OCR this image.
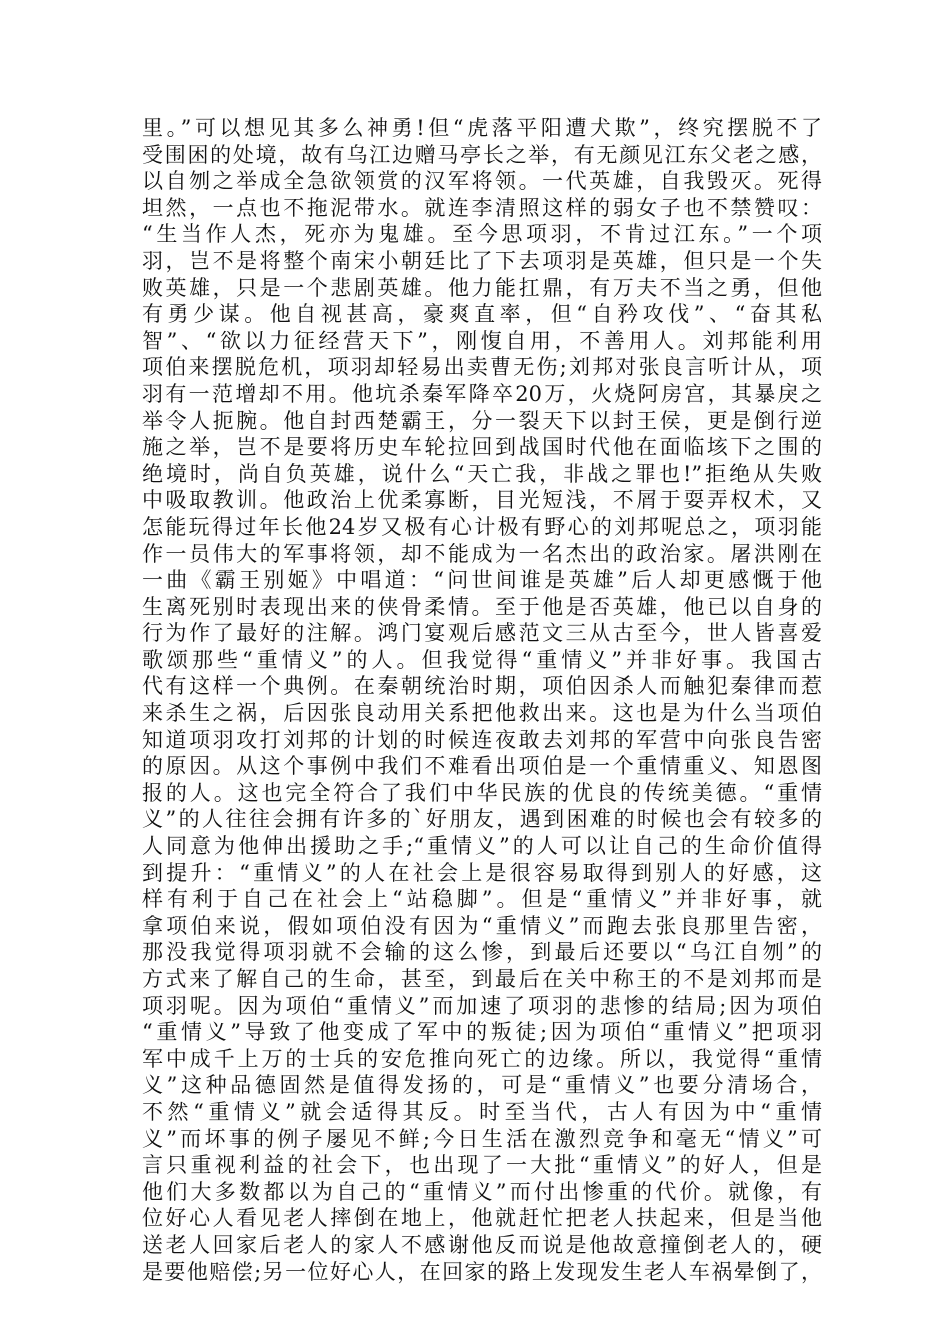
里。”可以想见其多么神勇!但“虎落平阳遭犬欺”，终究摆脱不了
受围困的处境，故有乌江边赠马亭长之举，有无颜见江东父老之感，
以自刎之举成全急欲领赏的汉军将领。一代英雄，自我毁灭。死得
坦然，一点也不拖泥带水。就连李清照这样的弱女子也不禁赞叹：
“生当作人杰，死亦为鬼雄。至今思项羽，不肯过江东。”一个项
羽，岂不是将整个南宋小朝廷比了下去项羽是英雄，但只是一个失
败英雄，只是一个悲剧英雄。他力能扛鼎，有万夫不当之勇，但他
有勇少谋。他自视甚高，豪爽直率，但“自矜攻伐”、“奋其私
智”、“欲以力征经营天下”，刚愎自用，不善用人。刘邦能利用
项伯来摆脱危机，项羽却轻易出卖曹无伤;刘邦对张良言听计从，项
羽有一范增却不用。他坑杀秦军降卒20万，火烧阿房宫，其暴戾之
举令人扼腕。他自封西楚霸王，分一裂天下以封王侯，更是倒行逆
施之举，岂不是要将历史车轮拉回到战国时代他在面临垓下之围的
绝境时，尚自负英雄，说什么“天亡我，非战之罪也!”拒绝从失败
中吸取教训。他政治上优柔寡断，目光短浅，不屑于耍弄权术，又
怎能玩得过年长他24岁又极有心计极有野心的刘邦呢总之，项羽能
作一员伟大的军事将领，却不能成为一名杰出的政治家。屠洪刚在
一曲《霸王别姬》中唱道：“问世间谁是英雄”后人却更感慨于他
生离死别时表现出来的侠骨柔情。至于他是否英雄，他已以自身的
行为作了最好的注解。鸿门宴观后感范文三从古至今，世人皆喜爱
歌颂那些“重情义”的人。但我觉得“重情义”并非好事。我国古
代有这样一个典例。在秦朝统治时期，项伯因杀人而触犯秦律而惹
来杀生之祸，后因张良动用关系把他救出来。这也是为什么当项伯
知道项羽攻打刘邦的计划的时候连夜敢去刘邦的军营中向张良告密
的原因。从这个事例中我们不难看出项伯是一个重情重义、知恩图
报的人。这也完全符合了我们中华民族的优良的传统美德。“重情
义”的人往往会拥有许多的`好朋友，遇到困难的时候也会有较多的
人同意为他伸出援助之手;“重情义”的人可以让自己的生命价值得
到提升：“重情义”的人在社会上是很容易取得到别人的好感，这
样有利于自己在社会上“站稳脚”。但是“重情义”并非好事，就
拿项伯来说，假如项伯没有因为“重情义”而跑去张良那里告密，
那没我觉得项羽就不会输的这么惨，到最后还要以“乌江自刎”的
方式来了解自己的生命，甚至，到最后在关中称王的不是刘邦而是
项羽呢。因为项伯“重情义”而加速了项羽的悲惨的结局;因为项伯
“重情义”导致了他变成了军中的叛徒;因为项伯“重情义”把项羽
军中成千上万的士兵的安危推向死亡的边缘。所以，我觉得“重情
义”这种品德固然是值得发扬的，可是“重情义”也要分清场合，
不然“重情义”就会适得其反。时至当代，古人有因为中“重情
义”而坏事的例子屡见不鲜;今日生活在激烈竞争和毫无“情义”可
言只重视利益的社会下，也出现了一大批“重情义”的好人，但是
他们大多数都以为自己的“重情义”而付出惨重的代价。就像，有
位好心人看见老人摔倒在地上，他就赶忙把老人扶起来，但是当他
送老人回家后老人的家人不感谢他反而说是他故意撞倒老人的，硬
是要他赔偿;另一位好心人，在回家的路上发现发生老人车祸晕倒了，
